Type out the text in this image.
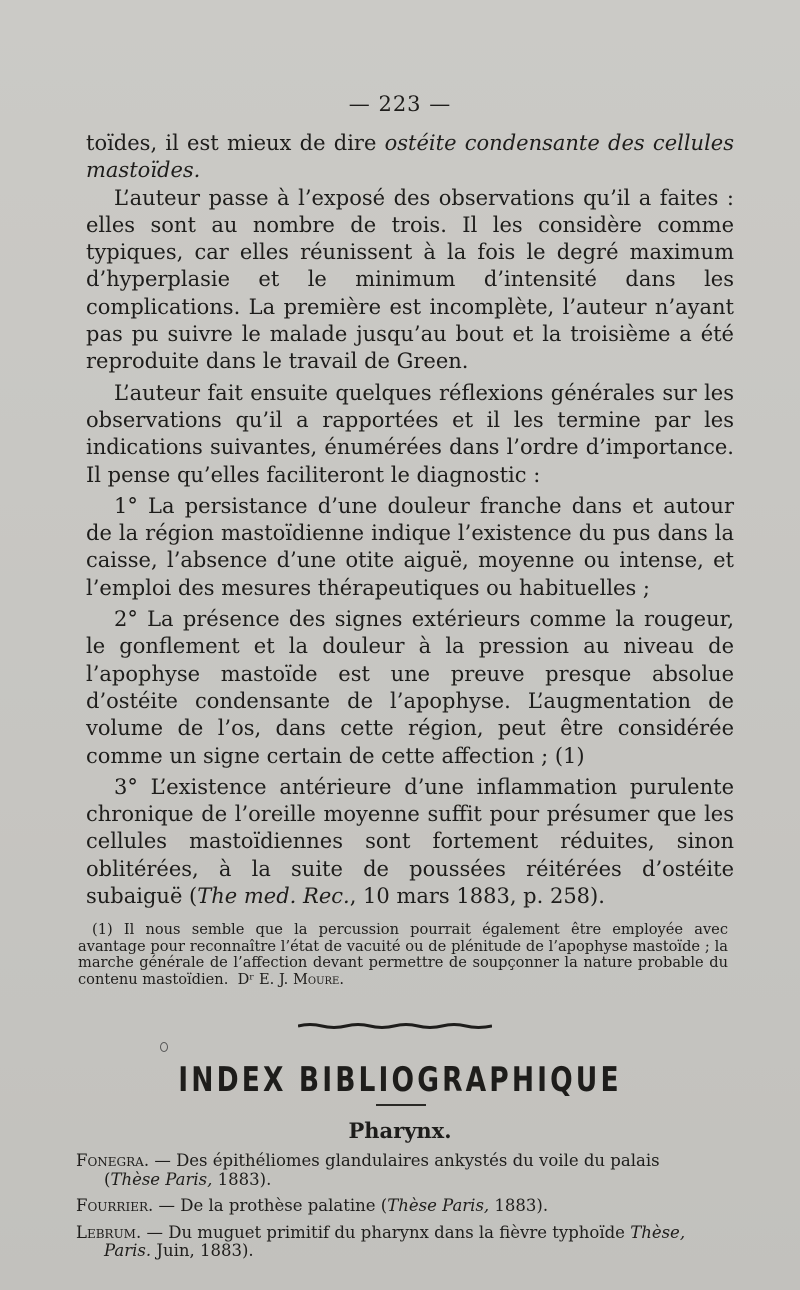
— 223 —

toïdes, il est mieux de dire ostéite condensante des cellules mastoïdes.

L’auteur passe à l’exposé des observations qu’il a faites : elles sont au nombre de trois. Il les considère comme typiques, car elles réunissent à la fois le degré maximum d’hyperplasie et le minimum d’intensité dans les complications. La première est incomplète, l’auteur n’ayant pas pu suivre le malade jusqu’au bout et la troisième a été reproduite dans le travail de Green.

L’auteur fait ensuite quelques réflexions générales sur les observations qu’il a rapportées et il les termine par les indications suivantes, énumérées dans l’ordre d’importance. Il pense qu’elles faciliteront le diagnostic :

1° La persistance d’une douleur franche dans et autour de la région mastoïdienne indique l’existence du pus dans la caisse, l’absence d’une otite aiguë, moyenne ou intense, et l’emploi des mesures thérapeutiques ou habituelles ;

2° La présence des signes extérieurs comme la rougeur, le gonflement et la douleur à la pression au niveau de l’apophyse mastoïde est une preuve presque absolue d’ostéite condensante de l’apophyse. L’augmentation de volume de l’os, dans cette région, peut être considérée comme un signe certain de cette affection ; (1)

3° L’existence antérieure d’une inflammation purulente chronique de l’oreille moyenne suffit pour présumer que les cellules mastoïdiennes sont fortement réduites, sinon oblitérées, à la suite de poussées réitérées d’ostéite subaiguë (The med. Rec., 10 mars 1883, p. 258).

(1) Il nous semble que la percussion pourrait également être employée avec avantage pour reconnaître l’état de vacuité ou de plénitude de l’apophyse mastoïde ; la marche générale de l’affection devant permettre de soupçonner la nature probable du contenu mastoïdien. Dʳ E. J. Moure.

INDEX BIBLIOGRAPHIQUE
Pharynx.

Fonegra. — Des épithéliomes glandulaires ankystés du voile du palais (Thèse Paris, 1883).

Fourrier. — De la prothèse palatine (Thèse Paris, 1883).

Lebrum. — Du muguet primitif du pharynx dans la fièvre typhoïde Thèse, Paris. Juin, 1883).
